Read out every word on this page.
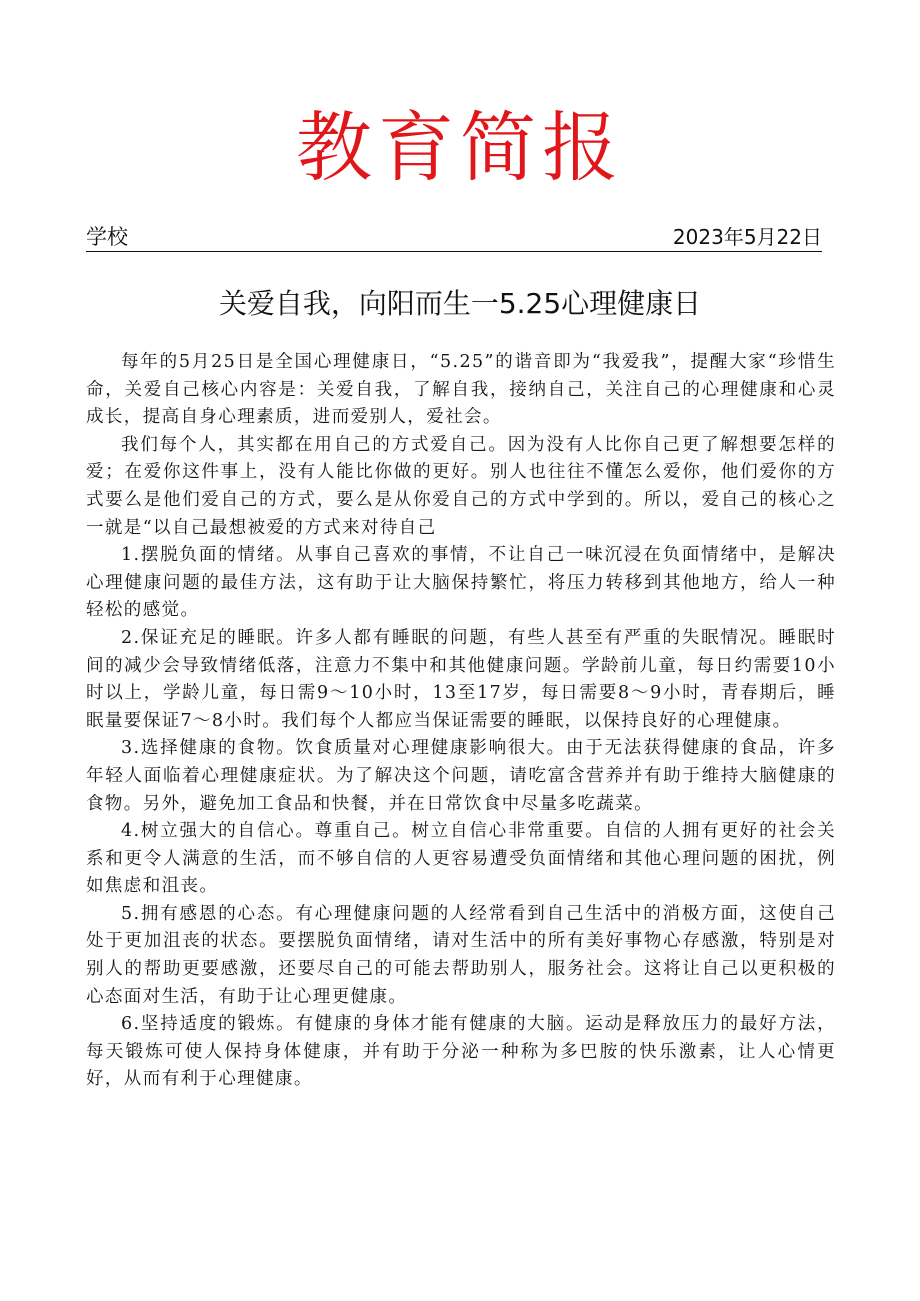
教育简报
学校	2023年5月22日
关爱自我，向阳而生一5.25心理健康日

每年的5月25日是全国心理健康日，“5.25”的谐音即为“我爱我”，提醒大家“珍惜生命，关爱自己核心内容是：关爱自我，了解自我，接纳自己，关注自己的心理健康和心灵成长，提高自身心理素质，进而爱别人，爱社会。

我们每个人，其实都在用自己的方式爱自己。因为没有人比你自己更了解想要怎样的爱；在爱你这件事上，没有人能比你做的更好。别人也往往不懂怎么爱你，他们爱你的方式要么是他们爱自己的方式，要么是从你爱自己的方式中学到的。所以，爱自己的核心之一就是“以自己最想被爱的方式来对待自己

1.摆脱负面的情绪。从事自己喜欢的事情，不让自己一味沉浸在负面情绪中，是解决心理健康问题的最佳方法，这有助于让大脑保持繁忙，将压力转移到其他地方，给人一种轻松的感觉。

2.保证充足的睡眠。许多人都有睡眠的问题，有些人甚至有严重的失眠情况。睡眠时间的减少会导致情绪低落，注意力不集中和其他健康问题。学龄前儿童，每日约需要10小时以上，学龄儿童，每日需9～10小时，13至17岁，每日需要8～9小时，青春期后，睡眠量要保证7～8小时。我们每个人都应当保证需要的睡眠，以保持良好的心理健康。

3.选择健康的食物。饮食质量对心理健康影响很大。由于无法获得健康的食品，许多年轻人面临着心理健康症状。为了解决这个问题，请吃富含营养并有助于维持大脑健康的食物。另外，避免加工食品和快餐，并在日常饮食中尽量多吃蔬菜。

4.树立强大的自信心。尊重自己。树立自信心非常重要。自信的人拥有更好的社会关系和更令人满意的生活，而不够自信的人更容易遭受负面情绪和其他心理问题的困扰，例如焦虑和沮丧。

5.拥有感恩的心态。有心理健康问题的人经常看到自己生活中的消极方面，这使自己处于更加沮丧的状态。要摆脱负面情绪，请对生活中的所有美好事物心存感激，特别是对别人的帮助更要感激，还要尽自己的可能去帮助别人，服务社会。这将让自己以更积极的心态面对生活，有助于让心理更健康。

6.坚持适度的锻炼。有健康的身体才能有健康的大脑。运动是释放压力的最好方法，每天锻炼可使人保持身体健康，并有助于分泌一种称为多巴胺的快乐激素，让人心情更好，从而有利于心理健康。
